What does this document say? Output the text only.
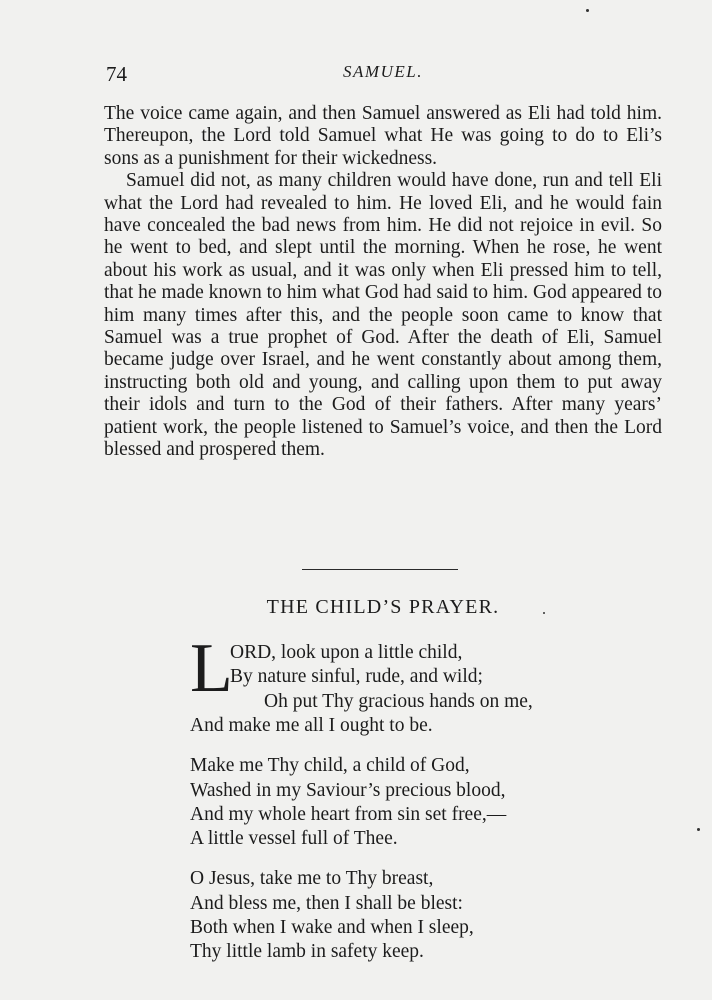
74	SAMUEL.

The voice came again, and then Samuel answered as Eli had told him. Thereupon, the Lord told Samuel what He was going to do to Eli’s sons as a punishment for their wickedness.

Samuel did not, as many children would have done, run and tell Eli what the Lord had revealed to him. He loved Eli, and he would fain have concealed the bad news from him. He did not rejoice in evil. So he went to bed, and slept until the morning. When he rose, he went about his work as usual, and it was only when Eli pressed him to tell, that he made known to him what God had said to him. God appeared to him many times after this, and the people soon came to know that Samuel was a true prophet of God. After the death of Eli, Samuel became judge over Israel, and he went constantly about among them, instructing both old and young, and calling upon them to put away their idols and turn to the God of their fathers. After many years’ patient work, the people listened to Samuel’s voice, and then the Lord blessed and prospered them.

THE CHILD’S PRAYER.
L
ORD, look upon a little child,
By nature sinful, rude, and wild;
Oh put Thy gracious hands on me,
And make me all I ought to be.
Make me Thy child, a child of God,
Washed in my Saviour’s precious blood,
And my whole heart from sin set free,—
A little vessel full of Thee.
O Jesus, take me to Thy breast,
And bless me, then I shall be blest:
Both when I wake and when I sleep,
Thy little lamb in safety keep.
